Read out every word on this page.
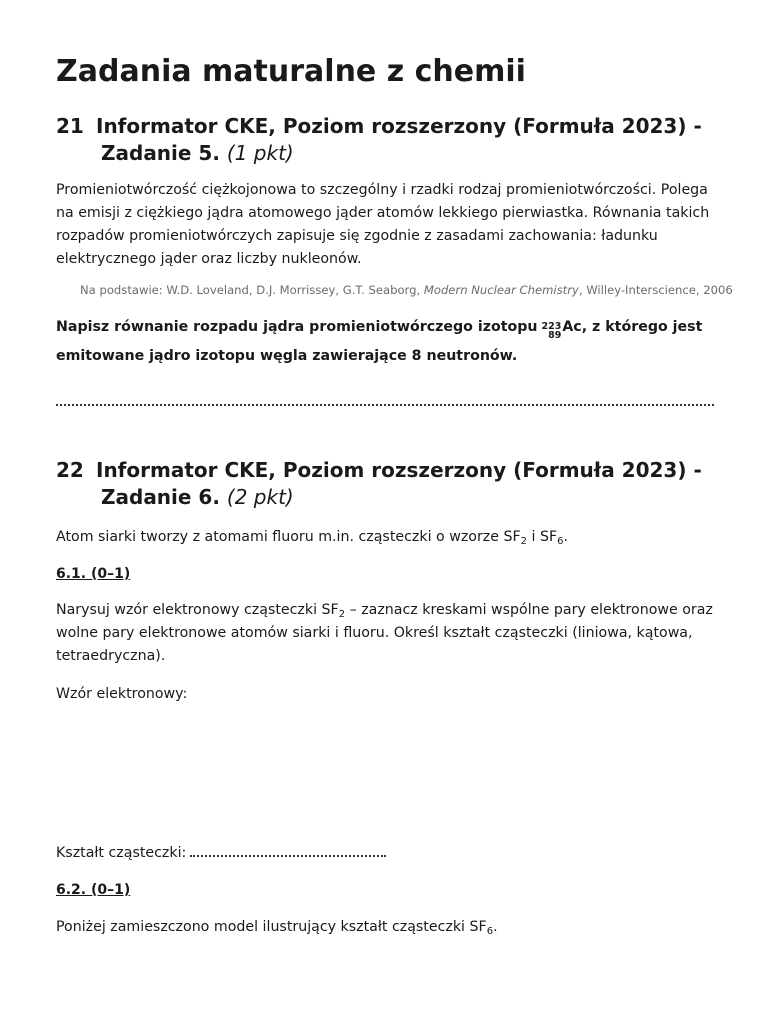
Zadania maturalne z chemii
21 Informator CKE, Poziom rozszerzony (Formuła 2023) -
Zadanie 5. (1 pkt)

Promieniotwórczość ciężkojonowa to szczególny i rzadki rodzaj promieniotwórczości. Polega na emisji z ciężkiego jądra atomowego jąder atomów lekkiego pierwiastka. Równania takich rozpadów promieniotwórczych zapisuje się zgodnie z zasadami zachowania: ładunku elektrycznego jąder oraz liczby nukleonów.

Na podstawie: W.D. Loveland, D.J. Morrissey, G.T. Seaborg, Modern Nuclear Chemistry, Willey-Interscience, 2006

Napisz równanie rozpadu jądra promieniotwórczego izotopu 223
89
Ac, z którego jest emitowane jądro izotopu węgla zawierające 8 neutronów.

22 Informator CKE, Poziom rozszerzony (Formuła 2023) -
Zadanie 6. (2 pkt)

Atom siarki tworzy z atomami fluoru m.in. cząsteczki o wzorze $SF_2$ i $SF_6$.

6.1. (0–1)

Narysuj wzór elektronowy cząsteczki $SF_2$ – zaznacz kreskami wspólne pary elektronowe oraz wolne pary elektronowe atomów siarki i fluoru. Określ kształt cząsteczki (liniowa, kątowa, tetraedryczna).

Wzór elektronowy:

Kształt cząsteczki:

6.2. (0–1)

Poniżej zamieszczono model ilustrujący kształt cząsteczki $SF_6$.
